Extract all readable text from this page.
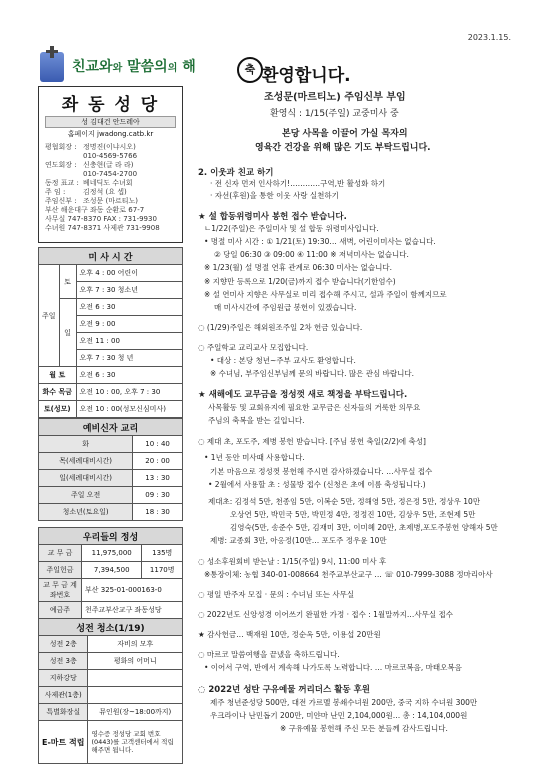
2023.1.15.
친교와와 말씀의의 해
좌 동 성 당
성 김대건 안드레아
홈페이지 jwadong.catb.kr
평협회장 : 정명진(이냐시오)
010-4569-5766
연도회장 : 신충현(글 라 라)
010-7454-2700
동정 표교 : 베네딕도 수녀회
주 임 :	김정석 (요 셉)
주임신부 : 조성문 (마르티노)
부산 해운대구 좌동 순환로 67-7
사무실 747-8370 FAX : 731-9930
수녀원 747-8371 사제관 731-9908
미 사 시 간		
주일	토	오후 4 : 00 어린이
		오후 7 : 30 청소년
	일	오전 6 : 30
		오전 9 : 00
		오전 11 : 00
		오후 7 : 30 청 년
월 토		오전 6 : 30
화수 목금		오전 10 : 00, 오후 7 : 30
토(성모)		오전 10 : 00(성모신심미사)
예비신자 교리	
화	10 : 40
목(세례대비시간)	20 : 00
일(세례대비시간)	13 : 30
주일 오전	09 : 30
청소년(토요일)	18 : 30
우리들의 정성		
교 무 금	11,975,000	135명
주일헌금	7,394,500	1170명
교 무 금 계좌번호	부산 325-01-000163-0	
예금주	천주교부산교구 좌동성당	
성전 청소(1/19)	
성전 2층	자비의 모후
성전 3층	평화의 어머니
지하강당	
사제관(1층)	
특별화장실	뮤인원(장~18:00까지)
E-마트 적립	영수증 정성당 교회 번호(0443)를 고객센터에서 적립해주면 됩니다.
축 환영합니다.
조성문(마르티노) 주임신부 부임
환영식 : 1/15(주일) 교중미사 중
본당 사목을 이끌어 가실 목자의
영육간 건강을 위해 많은 기도 부탁드립니다.
2. 이웃과 친교 하기
· 전 신자 먼저 인사하기!…………구역,반 활성화 하기
· 자선(후원)을 통한 이웃 사랑 실천하기
★ 설 합동위령미사 봉헌 접수 받습니다.
ㄴ1/22(주일)은 주일미사 및 설 합동 위령미사입니다.
• 명절 미사 시간 : ① 1/21(토) 19:30… 새벽, 어린이미사는 없습니다.
② 당일 06:30 ③ 09:00 ④ 11:00 ※ 저녁미사는 없습니다.
※ 1/23(월) 설 명절 연휴 관계로 06:30 미사는 없습니다.
※ 지향만 등록으로 1/20(금)까지 접수 받습니다(기한엄수)
※ 설 연미사 지향은 사무실로 미리 접수해 주시고, 설과 주일이 함께지므로
매 미사시간에 주임원급 봉헌이 있겠습니다.
◌ (1/29)주일은 해외원조주일 2차 헌금 있습니다.
◌ 주일학교 교리교사 모집합니다.
• 대상 : 본당 청년~주부 교사도 환영합니다.
※ 수녀님, 부주임신부님께 문의 바랍니다. 많은 관심 바랍니다.
★ 새해에도 교무금을 정성껏 새로 책정을 부탁드립니다.
사목활동 및 교회유지에 필요한 교무금은 신자들의 거룩한 의무요
주님의 축복을 받는 길입니다.
◌ 제대 초, 포도주, 제병 봉헌 받습니다. [주님 봉헌 축일(2/2)에 축성]
• 1년 동안 미사때 사용합니다.
기본 마음으로 정성껏 봉헌해 주시면 감사하겠습니다. …사무실 접수
• 2월에서 사용할 초 : 성물방 접수 (신청은 초에 이름 축성됩니다.)
제대초: 김정석 5만, 천종임 5만, 이복순 5만, 정해영 5만, 정은정 5만, 정상우 10만
오상연 5만, 박민국 5만, 박민정 4만, 정정진 10만, 김상우 5만, 조현제 5만
김영숙(5만, 송준수 5만, 김재미 3만, 이미혜 20만, 초제병,포도주봉헌 양해자 5만
제병: 교종회 3만, 아옹정(10만… 포도주 정우윤 10만
◌ 성소후원회비 받는날 : 1/15(주일) 9시, 11:00 미사 후
※통장이체: 농협 340-01-008664 천주교부산교구 … ☏ 010-7999-3088 정마리아사
◌ 평일 반주자 모집 · 문의 : 수녀님 또는 사무실
◌ 2022년도 신앙성경 이어쓰기 완필한 가정 · 접수 : 1월말까지…사무실 접수
★ 감사헌금… 백재원 10만, 정순옥 5만, 이용섭 20만원
◌ 마르코 말씀여행을 끝냈을 축하드립니다.
• 이어서 구역, 반에서 계속해 나가도록 노력합니다. … 마르코복음, 마태오복음
◌ 2022년 성탄 구유예물 꺼리더스 활동 후원
제주 청년준성당 500만, 대전 가르멜 봉쇄수녀원 200만, 중국 지하 수녀원 300만
우크라이나 난민돕기 200만, 미얀마 난민 2,104,000원… 총 : 14,104,000원
※ 구유예물 봉헌해 주신 모든 분들께 감사드립니다.
